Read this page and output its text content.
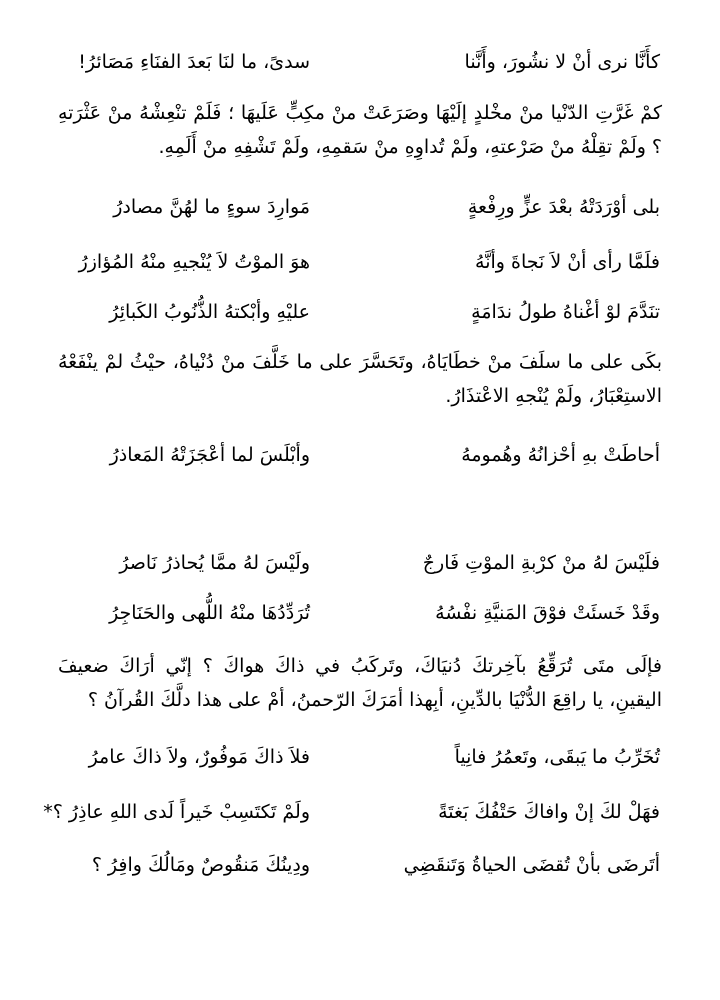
كأَنَّا نرى أنْ لا نشُورَ، وأَنَّنا
سدىً، ما لنَا بَعدَ الفنَاءِ مَصَائرُ!
كمْ غَرَّتِ الدّنْيا منْ مخْلدٍ إلَيْهَا وصَرَعَتْ منْ مكِبٍّ عَلَيهَا ؛ فَلَمْ تنْعِشْهُ منْ عَثْرَتهِ ؟ ولَمْ تقِلْهُ منْ صَرْعتهِ، ولَمْ تُداوِهِ منْ سَقمِهِ، ولَمْ تَشْفِهِ منْ أَلَمِهِ.
بلى أوْرَدَتْهُ بعْدَ عزٍّ ورِفْعةٍ
مَوارِدَ سوءٍ ما لهُنَّ مصادرُ
فلَمَّا رأى أنْ لاَ نَجاةَ وأنَّهُ
هوَ الموْتُ لاَ يُنْجيهِ منْهُ المُؤازرُ
تنَدَّمَ لوْ أغْناهُ طولُ ندَامَةٍ
عليْهِ وأبْكتهُ الذُّنُوبُ الكَبائِرُ
بكَى على ما سلَفَ منْ خطَايَاهُ، وتَحَسَّرَ على ما خَلَّفَ منْ دُنْياهُ، حيْثُ لمْ ينْفَعْهُ الاستِعْبَارُ، ولَمْ يُنْجهِ الاعْتذَارُ.
أحاطَتْ بهِ أحْزانُهُ وهُمومهُ
وأبْلَسَ لما أعْجَزَتْهُ المَعاذرُ
فلَيْسَ لهُ منْ كرْبةِ الموْتِ فَارجٌ
ولَيْسَ لهُ ممَّا يُحاذرُ نَاصرُ
وقَدْ خَسئَتْ فوْقَ المَنيَّةِ نفْسُهُ
تُرَدِّدُهَا منْهُ اللُّهى والحَنَاجِرُ
فإلَى متَى تُرَقِّعُ بآخِرتكَ دُنيَاكَ، وتَركَبُ في ذاكَ هواكَ ؟ إنّي أرَاكَ ضعيفَ اليقينِ، يا راقِعَ الدُّنْيَا بالدِّينِ، أبِهذا أمَرَكَ الرّحمنُ، أمْ على هذا دلَّكَ القُرآنُ ؟
تُخَرِّبُ ما يَبقَى، وتَعمُرُ فانِياً
فلاَ ذاكَ مَوفُورٌ، ولاَ ذاكَ عامرُ
فهَلْ لكَ إنْ وافاكَ حَتْفُكَ بَغتَةً
ولَمْ تَكتَسِبْ خَيراً لَدى اللهِ عاذِرُ ؟*
أتَرضَى بأنْ تُقضَى الحياةُ وَتَنقَضِي
ودِينُكَ مَنقُوصٌ ومَالُكَ وافِرُ ؟
